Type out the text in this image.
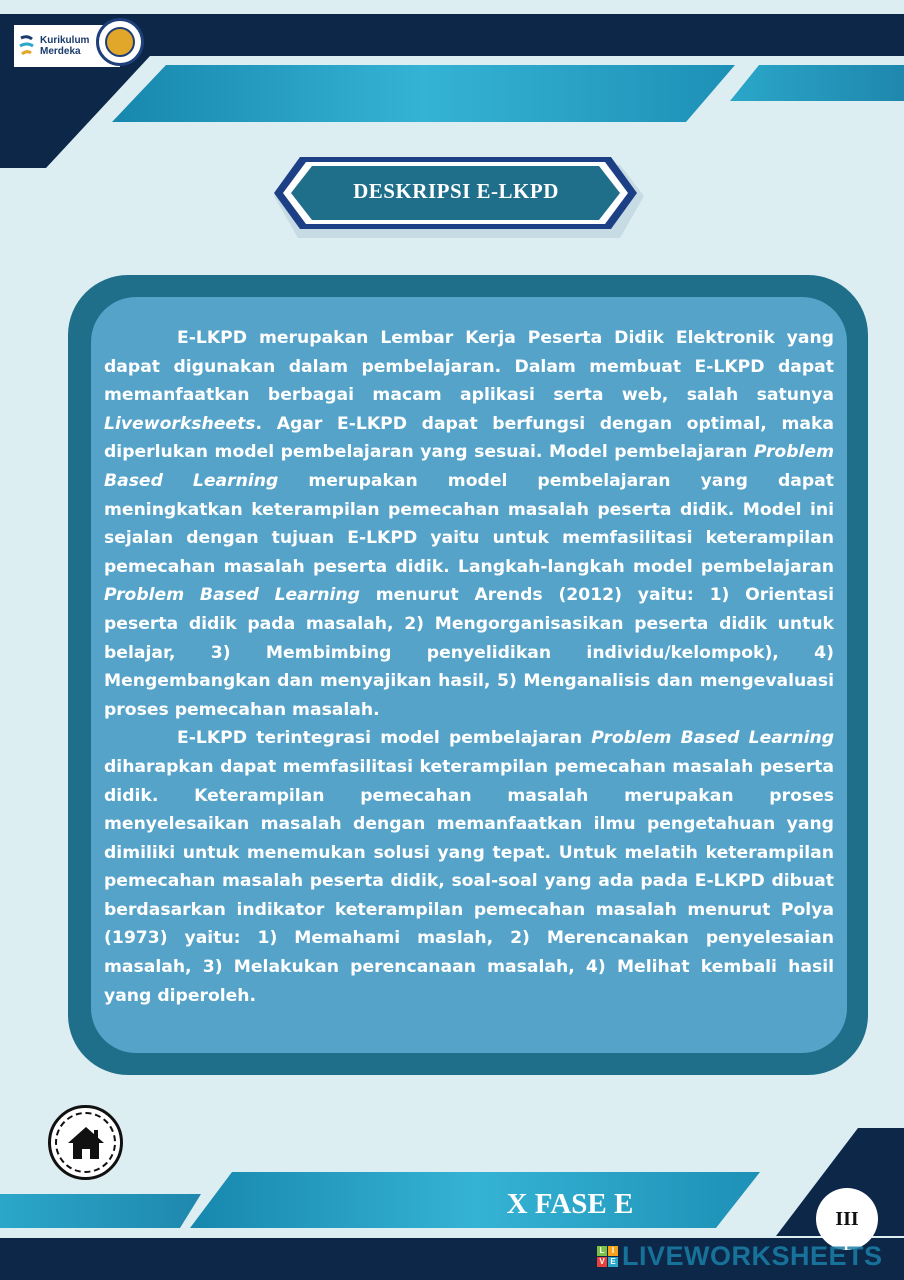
Kurikulum
Merdeka
DESKRIPSI E-LKPD

E-LKPD merupakan Lembar Kerja Peserta Didik Elektronik yang dapat digunakan dalam pembelajaran. Dalam membuat E-LKPD dapat memanfaatkan berbagai macam aplikasi serta web, salah satunya Liveworksheets. Agar E-LKPD dapat berfungsi dengan optimal, maka diperlukan model pembelajaran yang sesuai. Model pembelajaran Problem Based Learning merupakan model pembelajaran yang dapat meningkatkan keterampilan pemecahan masalah peserta didik. Model ini sejalan dengan tujuan E-LKPD yaitu untuk memfasilitasi keterampilan pemecahan masalah peserta didik. Langkah-langkah model pembelajaran Problem Based Learning menurut Arends (2012) yaitu: 1) Orientasi peserta didik pada masalah, 2) Mengorganisasikan peserta didik untuk belajar, 3) Membimbing penyelidikan individu/kelompok), 4) Mengembangkan dan menyajikan hasil, 5) Menganalisis dan mengevaluasi proses pemecahan masalah.

E-LKPD terintegrasi model pembelajaran Problem Based Learning diharapkan dapat memfasilitasi keterampilan pemecahan masalah peserta didik. Keterampilan pemecahan masalah merupakan proses menyelesaikan masalah dengan memanfaatkan ilmu pengetahuan yang dimiliki untuk menemukan solusi yang tepat. Untuk melatih keterampilan pemecahan masalah peserta didik, soal-soal yang ada pada E-LKPD dibuat berdasarkan indikator keterampilan pemecahan masalah menurut Polya (1973) yaitu: 1) Memahami maslah, 2) Merencanakan penyelesaian masalah, 3) Melakukan perencanaan masalah, 4) Melihat kembali hasil yang diperoleh.

X FASE E	III
L I
V E LIVEWORKSHEETS
